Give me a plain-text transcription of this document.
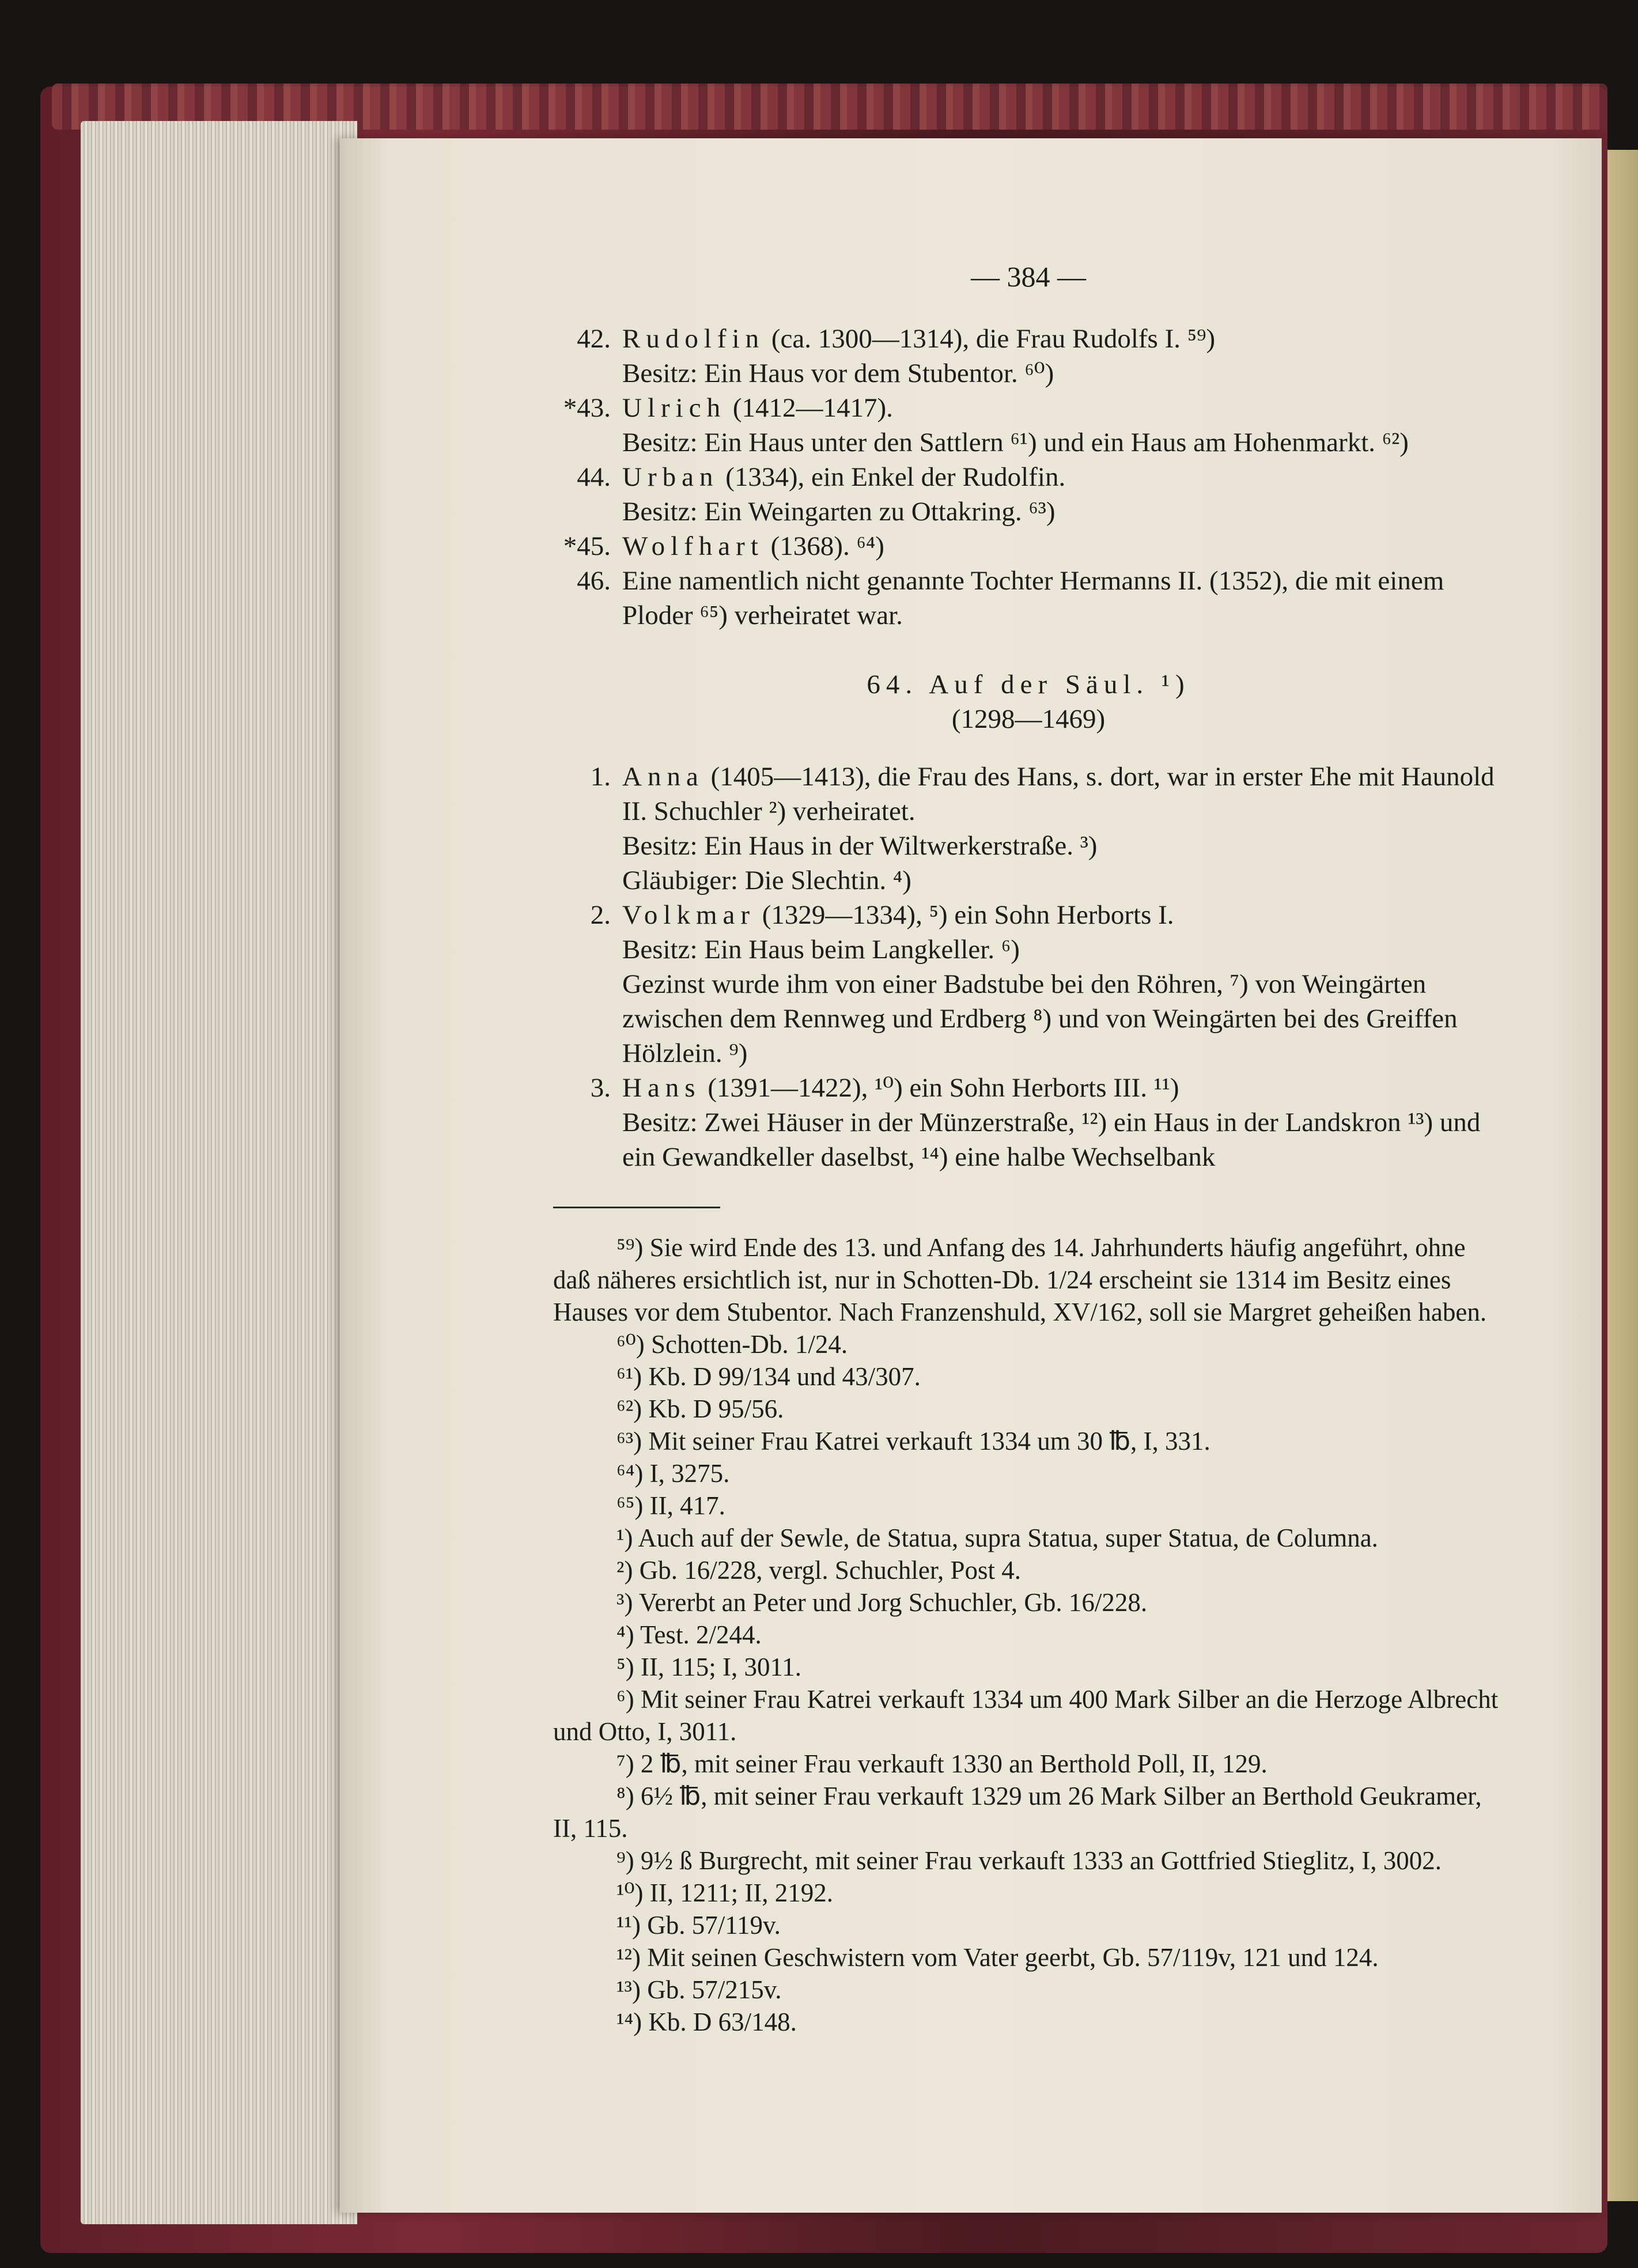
— 384 —
42. Rudolfin (ca. 1300—1314), die Frau Rudolfs I. ⁵⁹)
Besitz: Ein Haus vor dem Stubentor. ⁶⁰)
*43. Ulrich (1412—1417).
Besitz: Ein Haus unter den Sattlern ⁶¹) und ein Haus am Hohenmarkt. ⁶²)
44. Urban (1334), ein Enkel der Rudolfin.
Besitz: Ein Weingarten zu Ottakring. ⁶³)
*45. Wolfhart (1368). ⁶⁴)
46. Eine namentlich nicht genannte Tochter Hermanns II. (1352), die mit einem Ploder ⁶⁵) verheiratet war.
64. Auf der Säul. ¹)
(1298—1469)
1. Anna (1405—1413), die Frau des Hans, s. dort, war in erster Ehe mit Haunold II. Schuchler ²) verheiratet.
Besitz: Ein Haus in der Wiltwerkerstraße. ³)
Gläubiger: Die Slechtin. ⁴)
2. Volkmar (1329—1334), ⁵) ein Sohn Herborts I.
Besitz: Ein Haus beim Langkeller. ⁶)
Gezinst wurde ihm von einer Badstube bei den Röhren, ⁷) von Weingärten zwischen dem Rennweg und Erdberg ⁸) und von Weingärten bei des Greiffen Hölzlein. ⁹)
3. Hans (1391—1422), ¹⁰) ein Sohn Herborts III. ¹¹)
Besitz: Zwei Häuser in der Münzerstraße, ¹²) ein Haus in der Landskron ¹³) und ein Gewandkeller daselbst, ¹⁴) eine halbe Wechselbank
⁵⁹) Sie wird Ende des 13. und Anfang des 14. Jahrhunderts häufig angeführt, ohne daß näheres ersichtlich ist, nur in Schotten-Db. 1/24 erscheint sie 1314 im Besitz eines Hauses vor dem Stubentor. Nach Franzenshuld, XV/162, soll sie Margret geheißen haben.
⁶⁰) Schotten-Db. 1/24.
⁶¹) Kb. D 99/134 und 43/307.
⁶²) Kb. D 95/56.
⁶³) Mit seiner Frau Katrei verkauft 1334 um 30 ℔, I, 331.
⁶⁴) I, 3275.
⁶⁵) II, 417.
¹) Auch auf der Sewle, de Statua, supra Statua, super Statua, de Columna.
²) Gb. 16/228, vergl. Schuchler, Post 4.
³) Vererbt an Peter und Jorg Schuchler, Gb. 16/228.
⁴) Test. 2/244.
⁵) II, 115; I, 3011.
⁶) Mit seiner Frau Katrei verkauft 1334 um 400 Mark Silber an die Herzoge Albrecht und Otto, I, 3011.
⁷) 2 ℔, mit seiner Frau verkauft 1330 an Berthold Poll, II, 129.
⁸) 6½ ℔, mit seiner Frau verkauft 1329 um 26 Mark Silber an Berthold Geukramer, II, 115.
⁹) 9½ ß Burgrecht, mit seiner Frau verkauft 1333 an Gottfried Stieglitz, I, 3002.
¹⁰) II, 1211; II, 2192.
¹¹) Gb. 57/119v.
¹²) Mit seinen Geschwistern vom Vater geerbt, Gb. 57/119v, 121 und 124.
¹³) Gb. 57/215v.
¹⁴) Kb. D 63/148.
